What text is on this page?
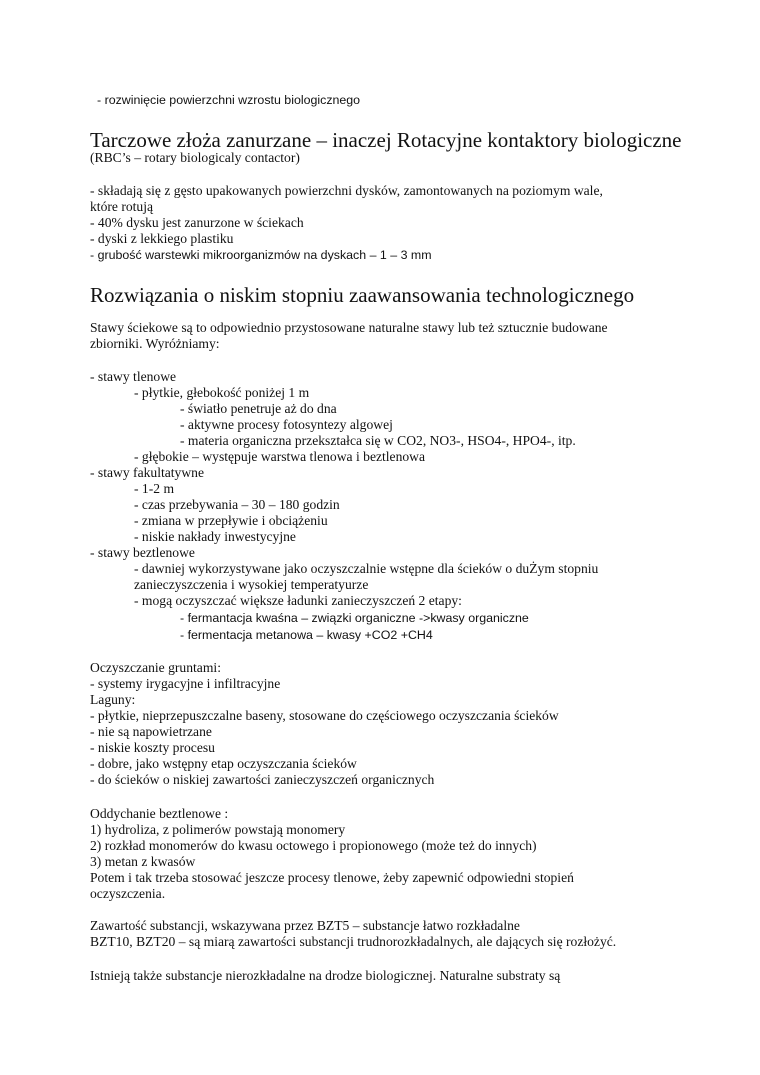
- rozwinięcie powierzchni wzrostu biologicznego
Tarczowe złoża zanurzane – inaczej Rotacyjne kontaktory biologiczne
(RBC’s – rotary biologicaly contactor)
- składają się z gęsto upakowanych powierzchni dysków, zamontowanych na poziomym wale,
które rotują
- 40% dysku jest zanurzone w ściekach
- dyski z lekkiego plastiku
- grubość warstewki mikroorganizmów na dyskach – 1 – 3 mm
Rozwiązania o niskim stopniu zaawansowania technologicznego
Stawy ściekowe są to odpowiednio przystosowane naturalne stawy lub też sztucznie budowane
zbiorniki. Wyróżniamy:
- stawy tlenowe
- płytkie, głebokość poniżej 1 m
- światło penetruje aż do dna
- aktywne procesy fotosyntezy algowej
- materia organiczna przekształca się w CO2, NO3-, HSO4-, HPO4-, itp.
- głębokie – występuje warstwa tlenowa i beztlenowa
- stawy fakultatywne
- 1-2 m
- czas przebywania – 30 – 180 godzin
- zmiana w przepływie i obciążeniu
- niskie nakłady inwestycyjne
- stawy beztlenowe
- dawniej wykorzystywane jako oczyszczalnie wstępne dla ścieków o duŻym stopniu
zanieczyszczenia i wysokiej temperatyurze
- mogą oczyszczać większe ładunki zanieczyszczeń 2 etapy:
- fermantacja kwaśna – związki organiczne ->kwasy organiczne
- fermentacja metanowa – kwasy +CO2 +CH4
Oczyszczanie gruntami:
- systemy irygacyjne i infiltracyjne
Laguny:
- płytkie, nieprzepuszczalne baseny, stosowane do częściowego oczyszczania ścieków
- nie są napowietrzane
- niskie koszty procesu
- dobre, jako wstępny etap oczyszczania ścieków
- do ścieków o niskiej zawartości zanieczyszczeń organicznych
Oddychanie beztlenowe :
1) hydroliza, z polimerów powstają monomery
2) rozkład monomerów do kwasu octowego i propionowego (może też do innych)
3) metan z kwasów
Potem i tak trzeba stosować jeszcze procesy tlenowe, żeby zapewnić odpowiedni stopień
oczyszczenia.
Zawartość substancji, wskazywana przez BZT5 – substancje łatwo rozkładalne
BZT10, BZT20 – są miarą zawartości substancji trudnorozkładalnych, ale dających się rozłożyć.
Istnieją także substancje nierozkładalne na drodze biologicznej. Naturalne substraty są
